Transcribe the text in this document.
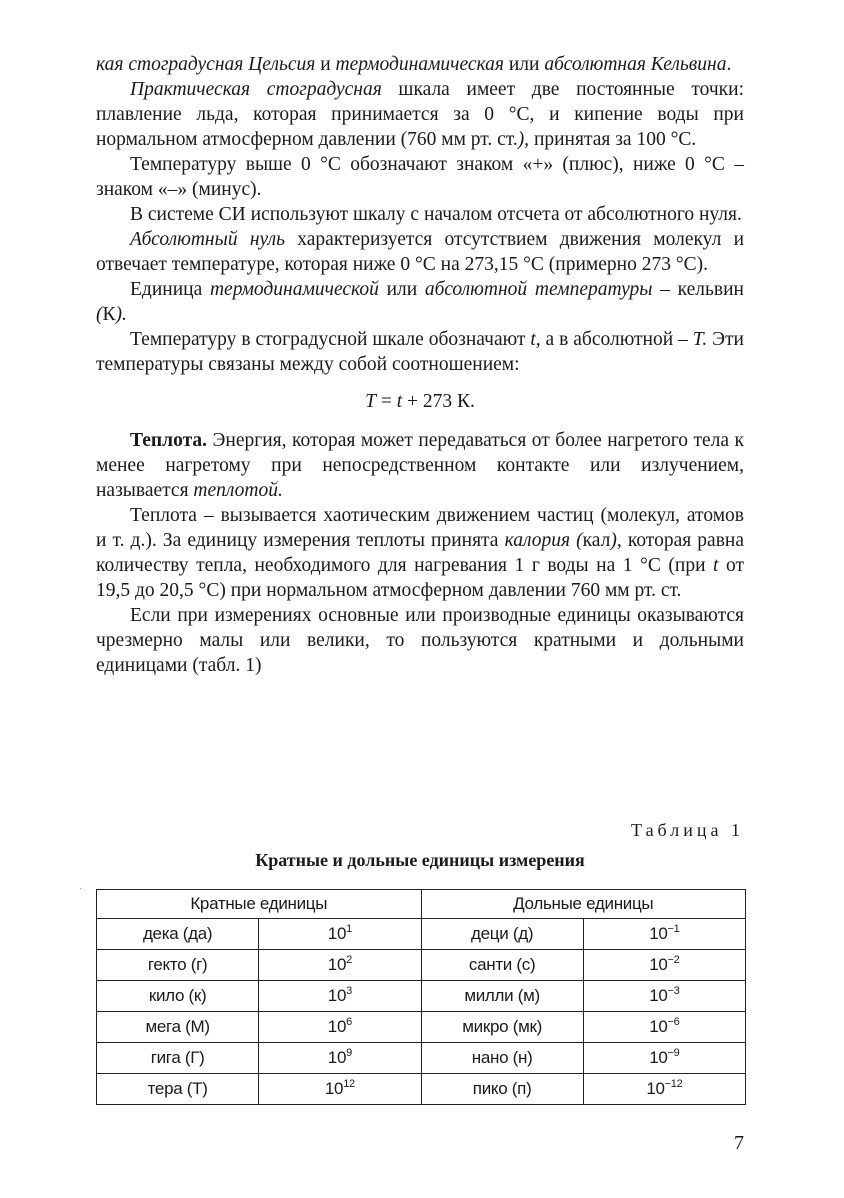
кая стоградусная Цельсия и термодинамическая или абсолютная Кельвина.

Практическая стоградусная шкала имеет две постоянные точки: плавление льда, которая принимается за 0 °С, и кипение воды при нормальном атмосферном давлении (760 мм рт. ст.), принятая за 100 °С.

Температуру выше 0 °С обозначают знаком «+» (плюс), ниже 0 °С – знаком «–» (минус).

В системе СИ используют шкалу с началом отсчета от абсолютного нуля.

Абсолютный нуль характеризуется отсутствием движения молекул и отвечает температуре, которая ниже 0 °С на 273,15 °С (примерно 273 °С).

Единица термодинамической или абсолютной температуры – кельвин (К).

Температуру в стоградусной шкале обозначают t, а в абсолютной – Т. Эти температуры связаны между собой соотношением:

Т = t + 273 К.

Теплота. Энергия, которая может передаваться от более нагретого тела к менее нагретому при непосредственном контакте или излучением, называется теплотой.

Теплота – вызывается хаотическим движением частиц (молекул, атомов и т. д.). За единицу измерения теплоты принята калория (кал), которая равна количеству тепла, необходимого для нагревания 1 г воды на 1 °С (при t от 19,5 до 20,5 °С) при нормальном атмосферном давлении 760 мм рт. ст.

Если при измерениях основные или производные единицы оказываются чрезмерно малы или велики, то пользуются кратными и дольными единицами (табл. 1)

Таблица 1
Кратные и дольные единицы измерения
Кратные единицы		Дольные единицы	
дека (да)	$10^1$	деци (д)	$10^{-1}$
гекто (г)	$10^2$	санти (с)	$10^{-2}$
кило (к)	$10^3$	милли (м)	$10^{-3}$
мега (М)	$10^6$	микро (мк)	$10^{-6}$
гига (Г)	$10^9$	нано (н)	$10^{-9}$
тера (Т)	$10^{12}$	пико (п)	$10^{-12}$
7
